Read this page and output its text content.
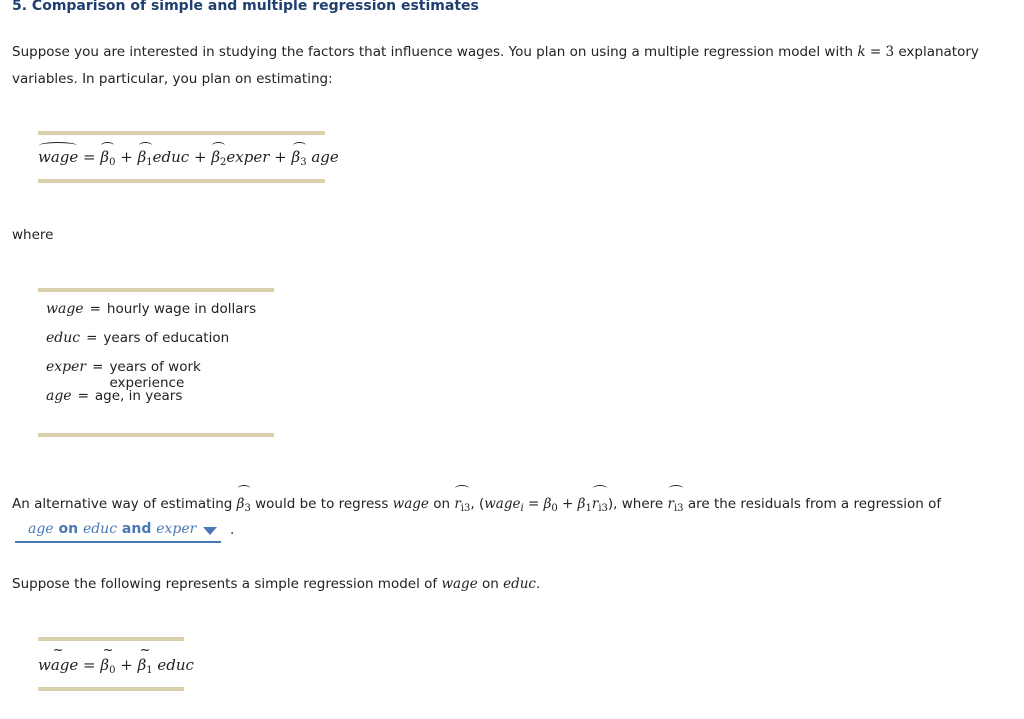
5. Comparison of simple and multiple regression estimates
Suppose you are interested in studying the factors that influence wages. You plan on using a multiple regression model with k = 3 explanatory
variables. In particular, you plan on estimating:
wage = $\beta_0$ + $\beta_1educ$ + $\beta_2exper + \beta_3$ age
where
wage = hourly wage in dollars
educ = years of education
exper = years of work experience
age = age, in years
An alternative way of estimating $\beta_3$ would be to regress wage on $r_{i3}$, (wage$_i$ = $\beta_0 + \beta_1r_{i3}$), where $r_{i3}$ are the residuals from a regression of
age on educ and exper .
Suppose the following represents a simple regression model of wage on educ.
~ wage = ~ $\beta_0$ + ~ $\beta_1$ educ
